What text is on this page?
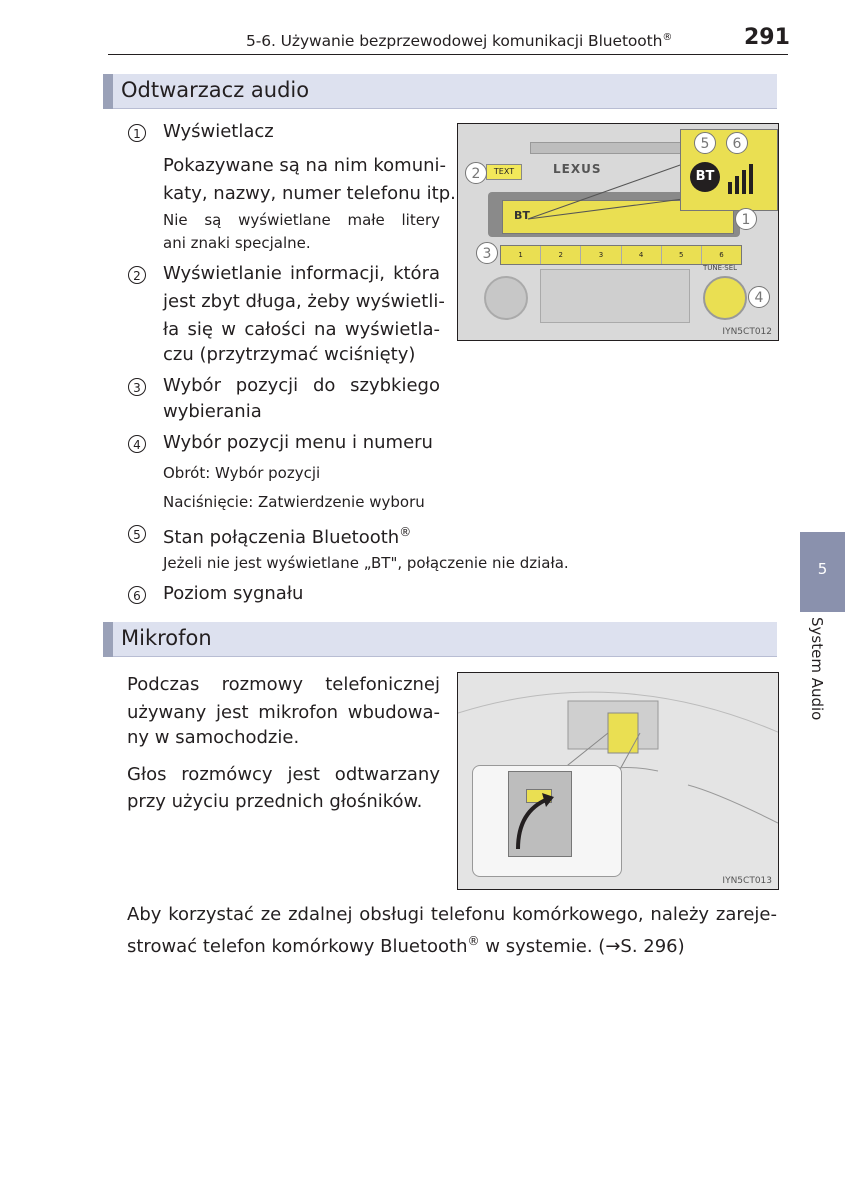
5-6. Używanie bezprzewodowej komunikacji Bluetooth®	291
Odtwarzacz audio
1 Wyświetlacz
Pokazywane są na nim komuni-
katy, nazwy, numer telefonu itp.
Nie są wyświetlane małe litery
ani znaki specjalne.
2 Wyświetlanie informacji, która
jest zbyt długa, żeby wyświetli-
ła się w całości na wyświetla-
czu (przytrzymać wciśnięty)
3 Wybór pozycji do szybkiego
wybierania
4 Wybór pozycji menu i numeru
Obrót: Wybór pozycji
Naciśnięcie: Zatwierdzenie wyboru
5 Stan połączenia Bluetooth®
Jeżeli nie jest wyświetlane „BT", połączenie nie działa.
6 Poziom sygnału
TEXT	LEXUS
BT
1	2	3	4	5	6
TUNE·SEL
BT
5	6
2
3
1
4
IYN5CT012
Mikrofon
Podczas rozmowy telefonicznej
używany jest mikrofon wbudowa-
ny w samochodzie.
Głos rozmówcy jest odtwarzany
przy użyciu przednich głośników.
IYN5CT013
Aby korzystać ze zdalnej obsługi telefonu komórkowego, należy zareje-
strować telefon komórkowy Bluetooth® w systemie. (→S. 296)
5
System Audio
